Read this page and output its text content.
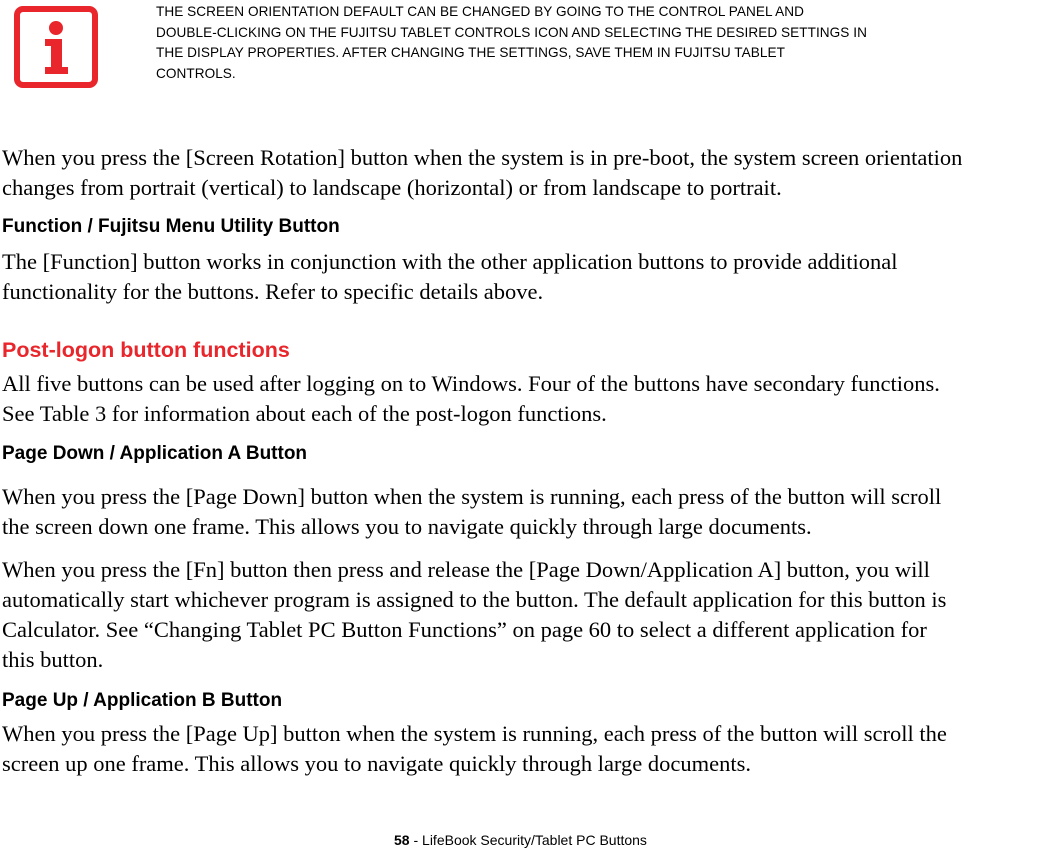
THE SCREEN ORIENTATION DEFAULT CAN BE CHANGED BY GOING TO THE CONTROL PANEL AND
DOUBLE-CLICKING ON THE FUJITSU TABLET CONTROLS ICON AND SELECTING THE DESIRED SETTINGS IN
THE DISPLAY PROPERTIES. AFTER CHANGING THE SETTINGS, SAVE THEM IN FUJITSU TABLET
CONTROLS.
When you press the [Screen Rotation] button when the system is in pre-boot, the system screen orientation
changes from portrait (vertical) to landscape (horizontal) or from landscape to portrait.
Function / Fujitsu Menu Utility Button
The [Function] button works in conjunction with the other application buttons to provide additional
functionality for the buttons. Refer to specific details above.
Post-logon button functions
All five buttons can be used after logging on to Windows. Four of the buttons have secondary functions.
See Table 3 for information about each of the post-logon functions.
Page Down / Application A Button
When you press the [Page Down] button when the system is running, each press of the button will scroll
the screen down one frame. This allows you to navigate quickly through large documents.
When you press the [Fn] button then press and release the [Page Down/Application A] button, you will
automatically start whichever program is assigned to the button. The default application for this button is
Calculator. See “Changing Tablet PC Button Functions” on page 60 to select a different application for
this button.
Page Up / Application B Button
When you press the [Page Up] button when the system is running, each press of the button will scroll the
screen up one frame. This allows you to navigate quickly through large documents.
58 - LifeBook Security/Tablet PC Buttons
